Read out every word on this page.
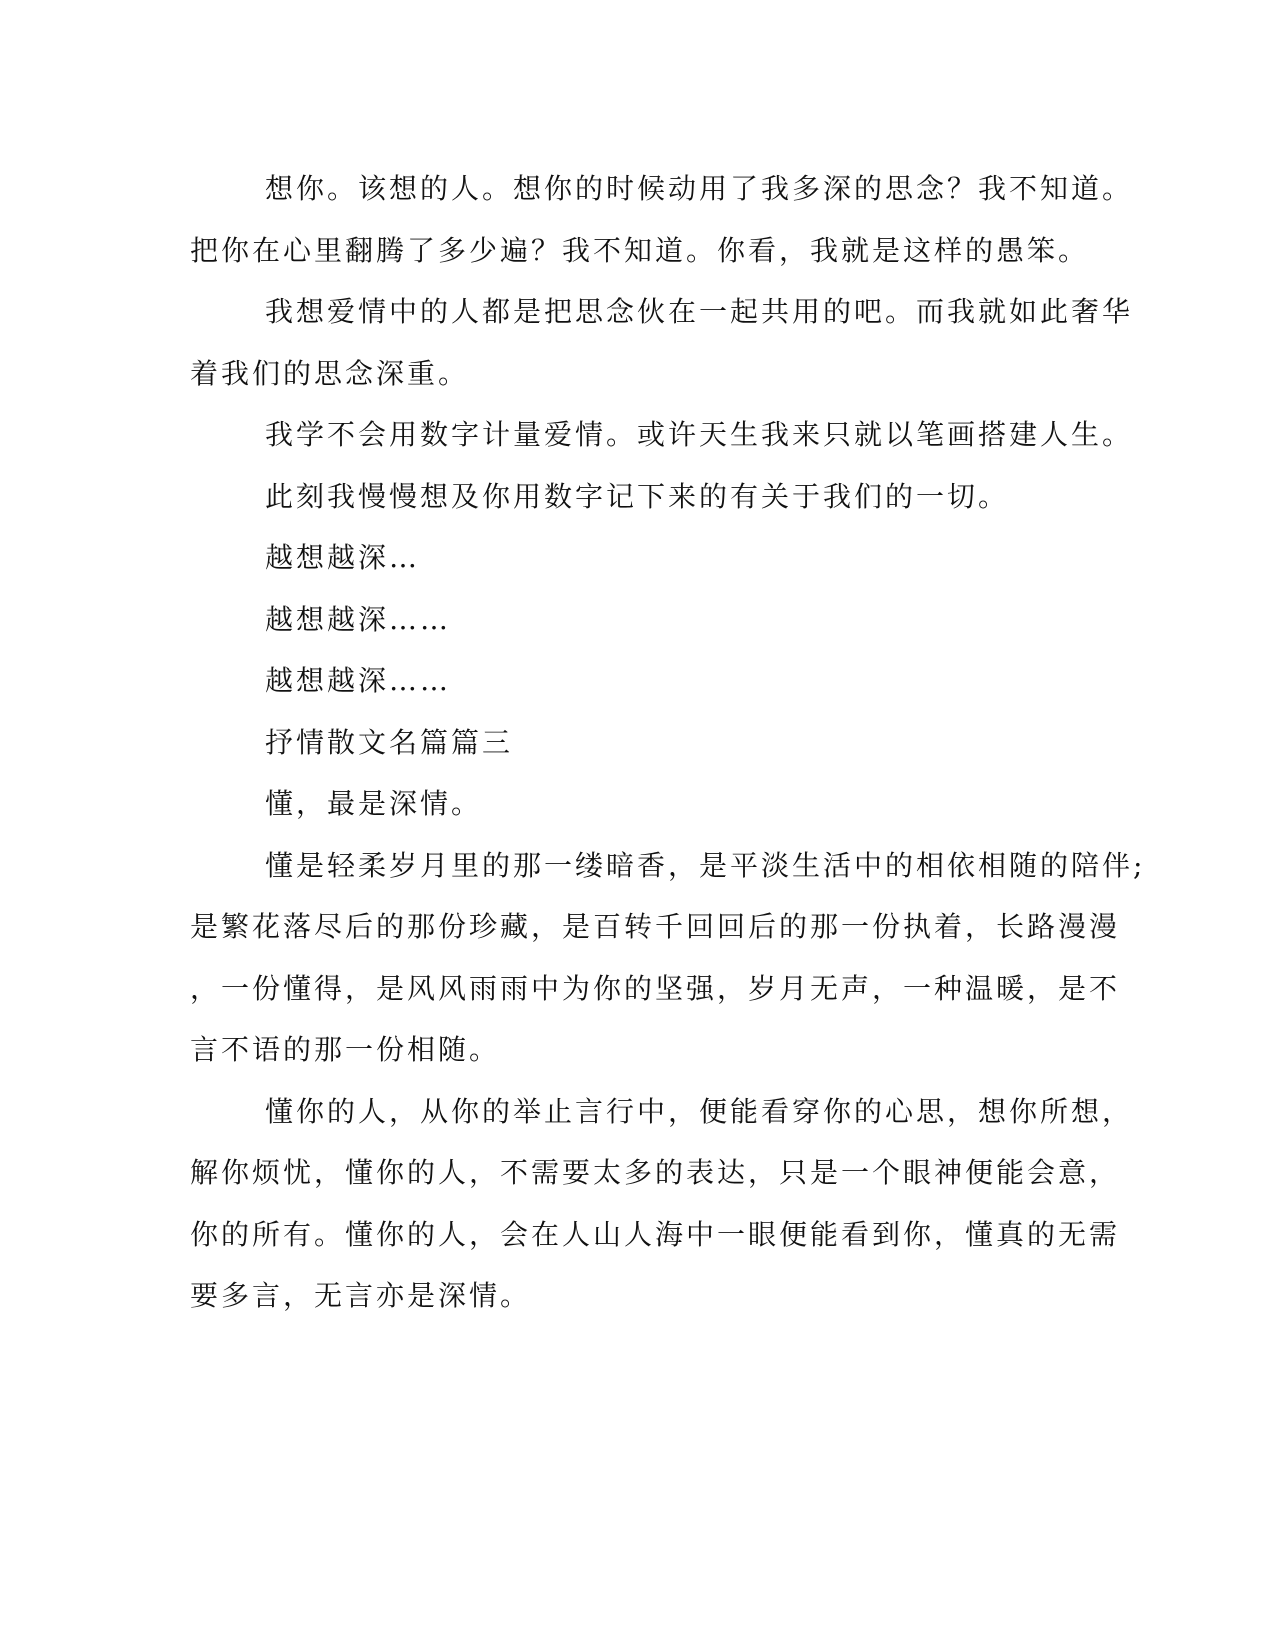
想你。该想的人。想你的时候动用了我多深的思念？我不知道。
把你在心里翻腾了多少遍？我不知道。你看，我就是这样的愚笨。
我想爱情中的人都是把思念伙在一起共用的吧。而我就如此奢华
着我们的思念深重。
我学不会用数字计量爱情。或许天生我来只就以笔画搭建人生。
此刻我慢慢想及你用数字记下来的有关于我们的一切。
越想越深…
越想越深……
越想越深……
抒情散文名篇篇三
懂，最是深情。
懂是轻柔岁月里的那一缕暗香，是平淡生活中的相依相随的陪伴;
是繁花落尽后的那份珍藏，是百转千回回后的那一份执着，长路漫漫
，一份懂得，是风风雨雨中为你的坚强，岁月无声，一种温暖，是不
言不语的那一份相随。
懂你的人，从你的举止言行中，便能看穿你的心思，想你所想，
解你烦忧，懂你的人，不需要太多的表达，只是一个眼神便能会意，
你的所有。懂你的人，会在人山人海中一眼便能看到你，懂真的无需
要多言，无言亦是深情。
